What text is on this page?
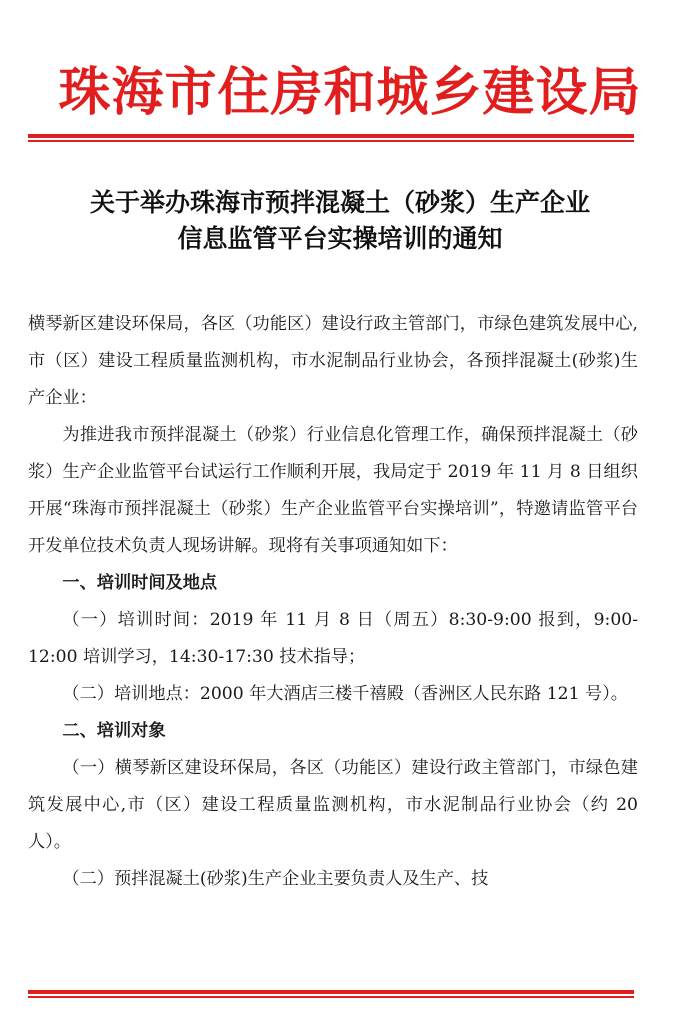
珠海市住房和城乡建设局
关于举办珠海市预拌混凝土（砂浆）生产企业
信息监管平台实操培训的通知

横琴新区建设环保局，各区（功能区）建设行政主管部门，市绿色建筑发展中心,市（区）建设工程质量监测机构，市水泥制品行业协会，各预拌混凝土(砂浆)生产企业：

为推进我市预拌混凝土（砂浆）行业信息化管理工作，确保预拌混凝土（砂浆）生产企业监管平台试运行工作顺利开展，我局定于 2019 年 11 月 8 日组织开展“珠海市预拌混凝土（砂浆）生产企业监管平台实操培训”，特邀请监管平台开发单位技术负责人现场讲解。现将有关事项通知如下：

一、培训时间及地点

（一）培训时间：2019 年 11 月 8 日（周五）8:30-9:00 报到，9:00-12:00 培训学习，14:30-17:30 技术指导；

（二）培训地点：2000 年大酒店三楼千禧殿（香洲区人民东路 121 号）。

二、培训对象

（一）横琴新区建设环保局，各区（功能区）建设行政主管部门，市绿色建筑发展中心,市（区）建设工程质量监测机构，市水泥制品行业协会（约 20 人）。

（二）预拌混凝土(砂浆)生产企业主要负责人及生产、技
